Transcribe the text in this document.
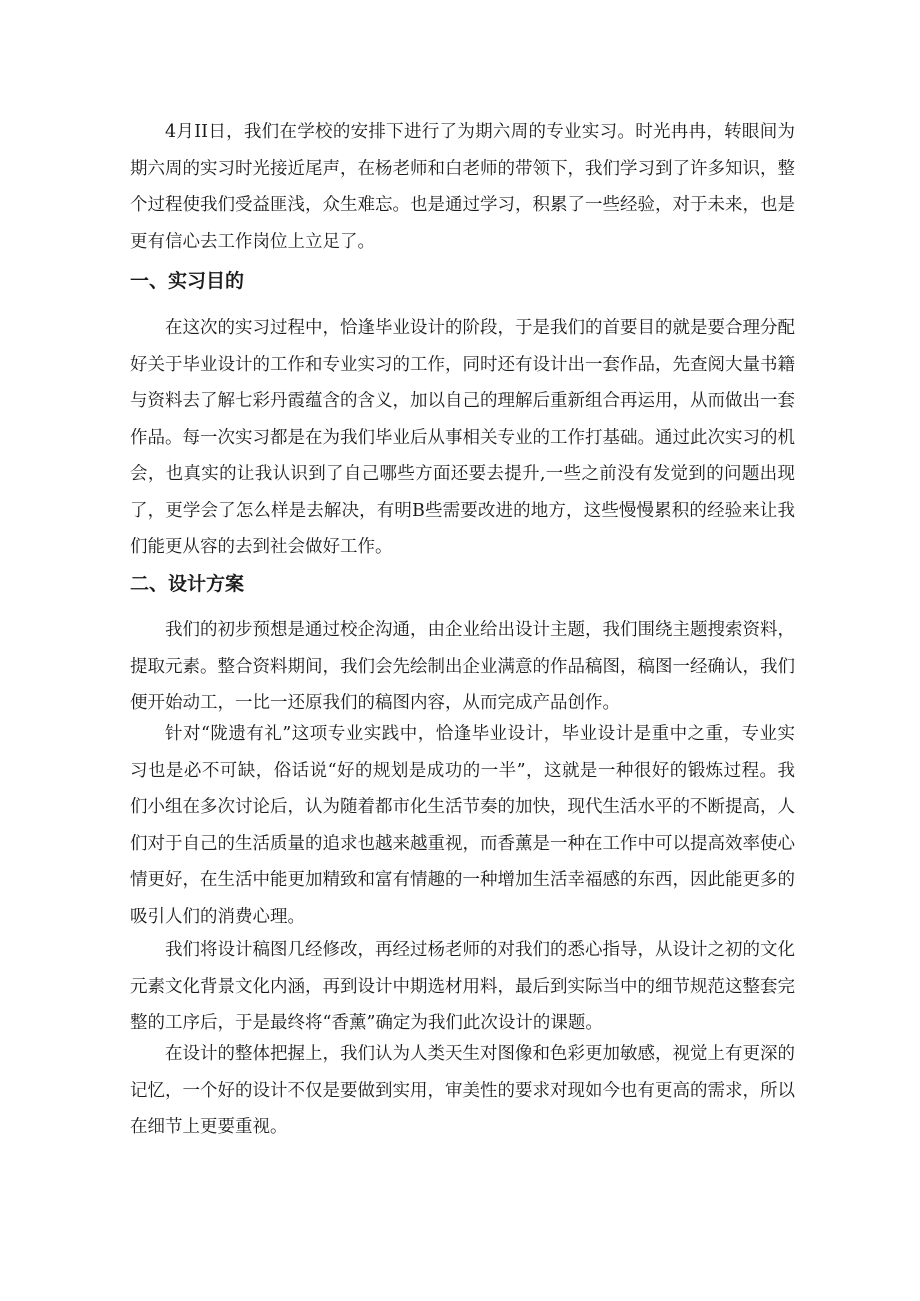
4月II日，我们在学校的安排下进行了为期六周的专业实习。时光冉冉，转眼间为期六周的实习时光接近尾声，在杨老师和白老师的带领下，我们学习到了许多知识，整个过程使我们受益匪浅，众生难忘。也是通过学习，积累了一些经验，对于未来，也是更有信心去工作岗位上立足了。

一、实习目的

在这次的实习过程中，恰逢毕业设计的阶段，于是我们的首要目的就是要合理分配好关于毕业设计的工作和专业实习的工作，同时还有设计出一套作品，先查阅大量书籍与资料去了解七彩丹霞蕴含的含义，加以自己的理解后重新组合再运用，从而做出一套作品。每一次实习都是在为我们毕业后从事相关专业的工作打基础。通过此次实习的机会，也真实的让我认识到了自己哪些方面还要去提升,一些之前没有发觉到的问题出现了，更学会了怎么样是去解决，有明B些需要改进的地方，这些慢慢累积的经验来让我们能更从容的去到社会做好工作。

二、设计方案

我们的初步预想是通过校企沟通，由企业给出设计主题，我们围绕主题搜索资料，提取元素。整合资料期间，我们会先绘制出企业满意的作品稿图，稿图一经确认，我们便开始动工，一比一还原我们的稿图内容，从而完成产品创作。

针对“陇遗有礼”这项专业实践中，恰逢毕业设计，毕业设计是重中之重，专业实习也是必不可缺，俗话说“好的规划是成功的一半”，这就是一种很好的锻炼过程。我们小组在多次讨论后，认为随着都市化生活节奏的加快，现代生活水平的不断提高，人们对于自己的生活质量的追求也越来越重视，而香薰是一种在工作中可以提高效率使心情更好，在生活中能更加精致和富有情趣的一种增加生活幸福感的东西，因此能更多的吸引人们的消费心理。

我们将设计稿图几经修改，再经过杨老师的对我们的悉心指导，从设计之初的文化元素文化背景文化内涵，再到设计中期选材用料，最后到实际当中的细节规范这整套完整的工序后，于是最终将“香薰”确定为我们此次设计的课题。

在设计的整体把握上，我们认为人类天生对图像和色彩更加敏感，视觉上有更深的记忆，一个好的设计不仅是要做到实用，审美性的要求对现如今也有更高的需求，所以在细节上更要重视。
